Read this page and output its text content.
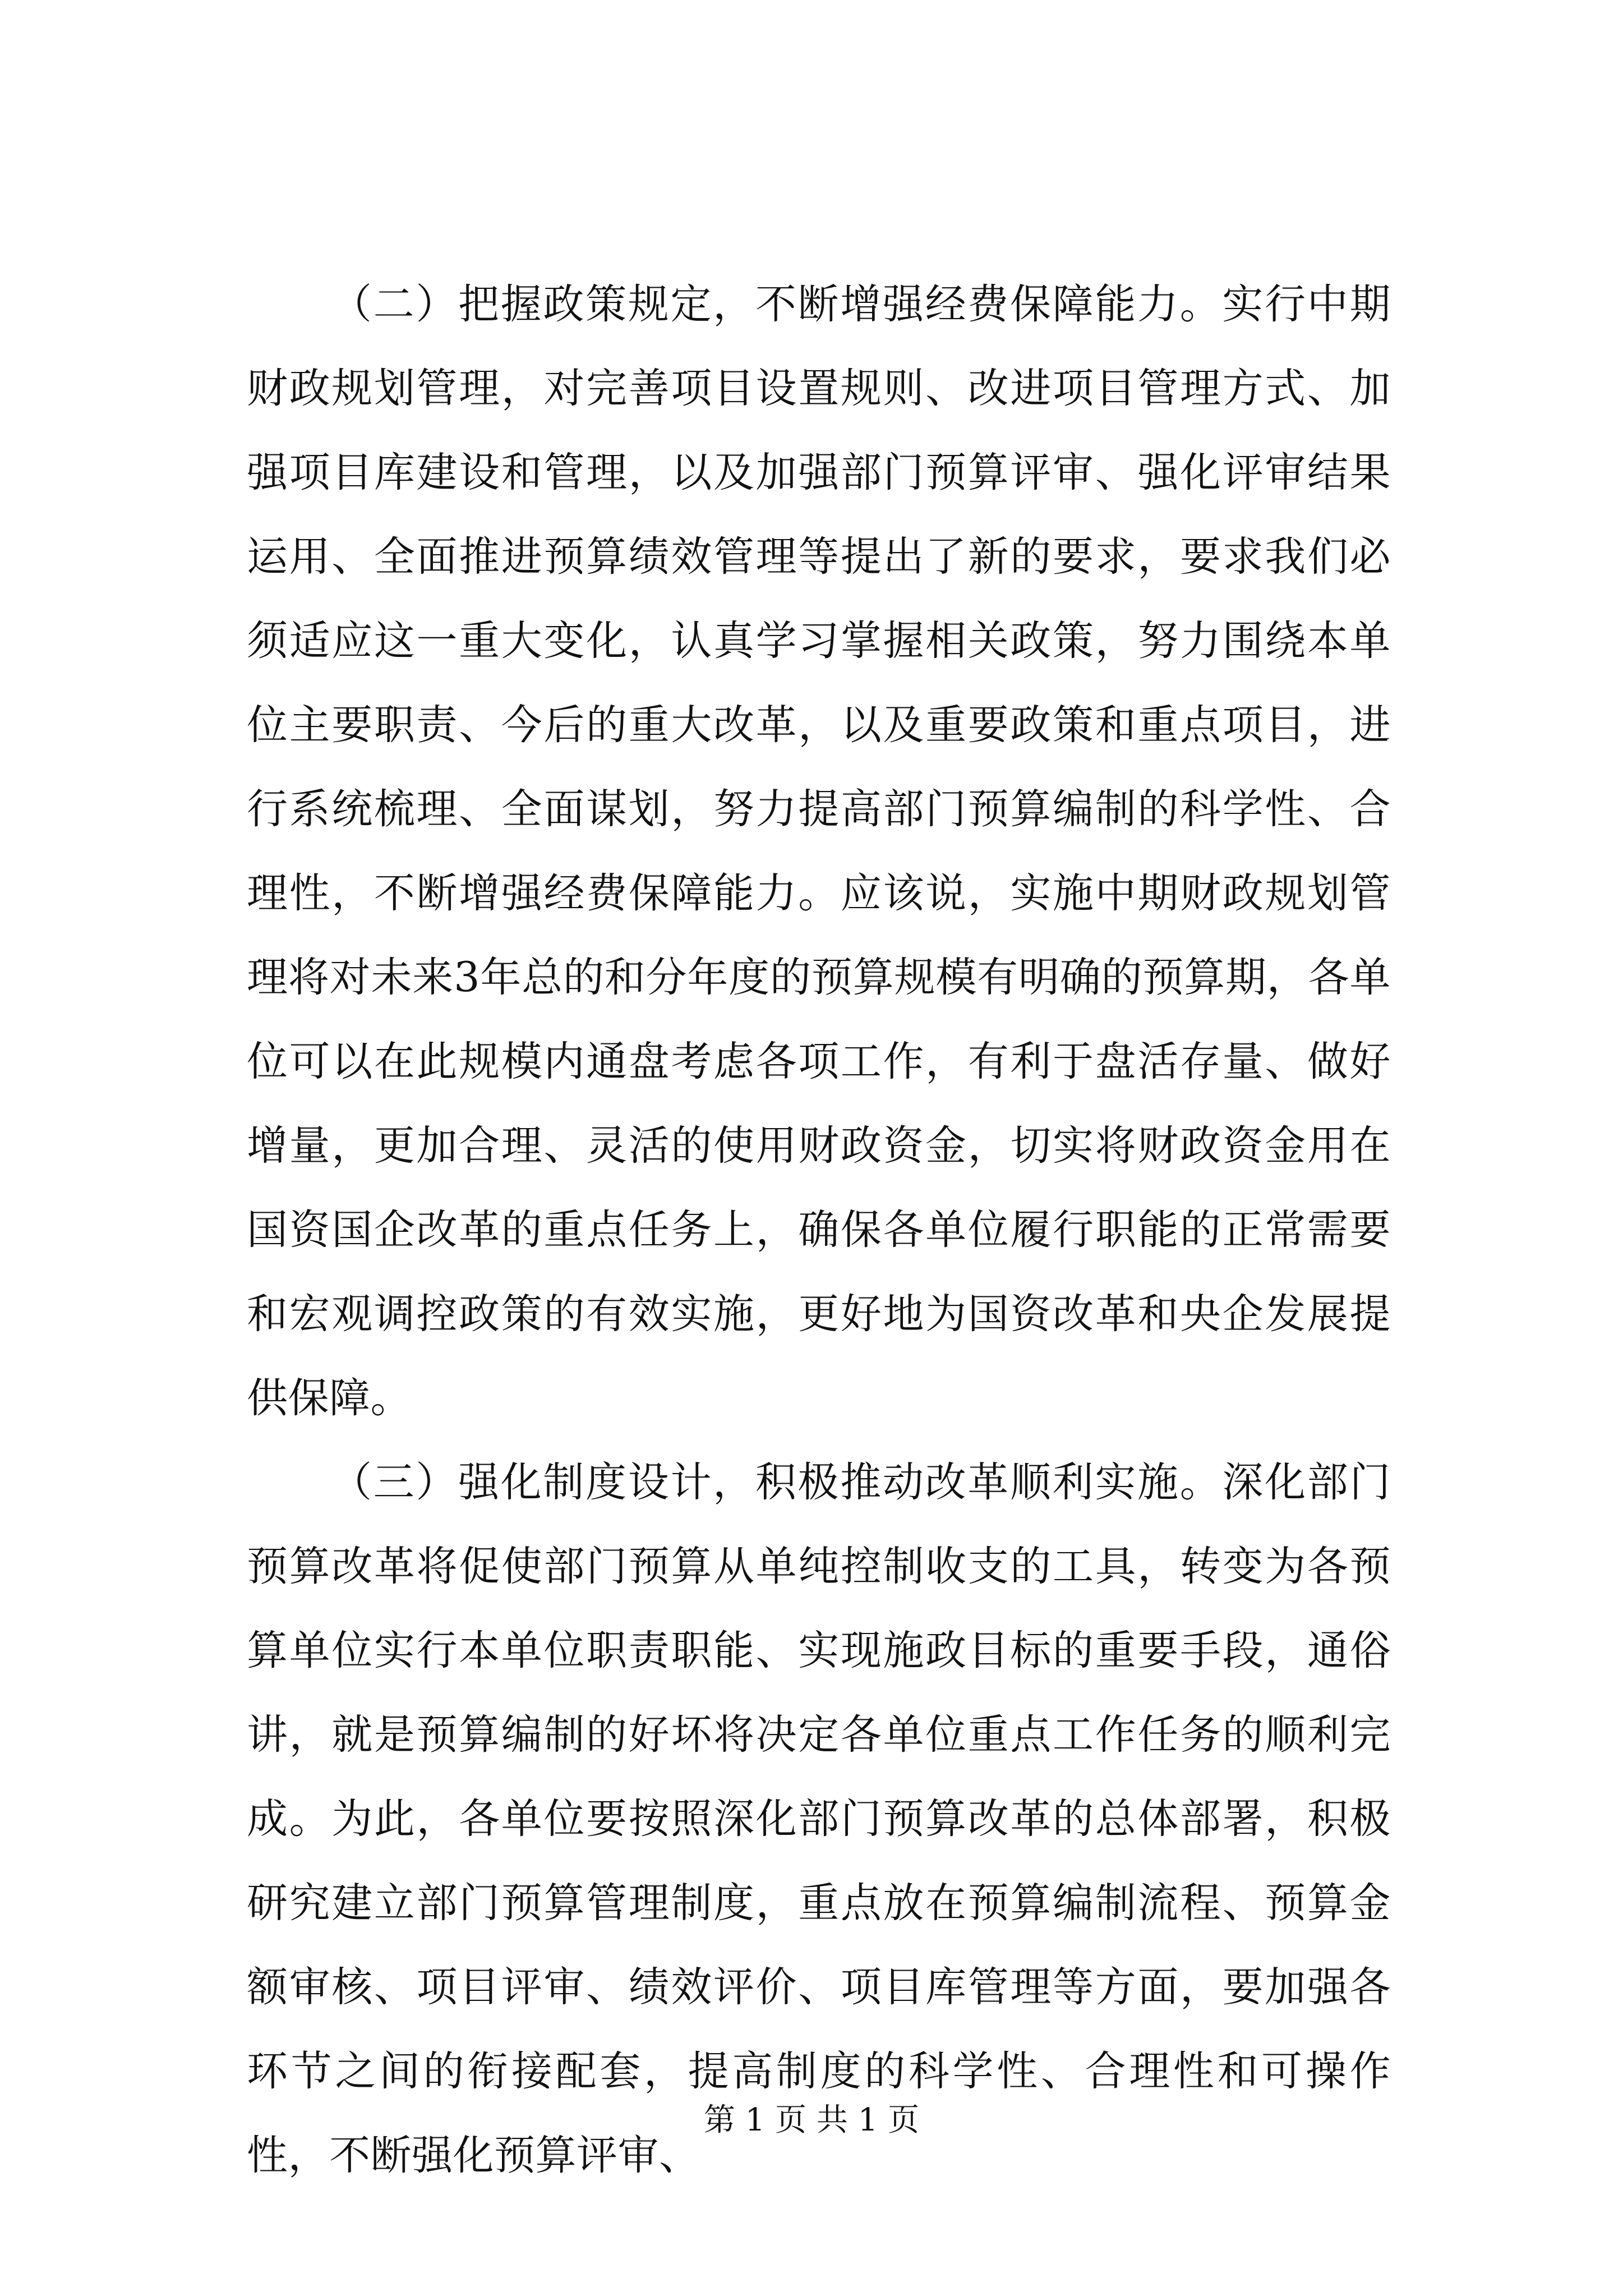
（二）把握政策规定，不断增强经费保障能力。实行中期财政规划管理，对完善项目设置规则、改进项目管理方式、加强项目库建设和管理，以及加强部门预算评审、强化评审结果运用、全面推进预算绩效管理等提出了新的要求，要求我们必须适应这一重大变化，认真学习掌握相关政策，努力围绕本单位主要职责、今后的重大改革，以及重要政策和重点项目，进行系统梳理、全面谋划，努力提高部门预算编制的科学性、合理性，不断增强经费保障能力。应该说，实施中期财政规划管理将对未来3年总的和分年度的预算规模有明确的预算期，各单位可以在此规模内通盘考虑各项工作，有利于盘活存量、做好增量，更加合理、灵活的使用财政资金，切实将财政资金用在国资国企改革的重点任务上，确保各单位履行职能的正常需要和宏观调控政策的有效实施，更好地为国资改革和央企发展提供保障。

（三）强化制度设计，积极推动改革顺利实施。深化部门预算改革将促使部门预算从单纯控制收支的工具，转变为各预算单位实行本单位职责职能、实现施政目标的重要手段，通俗讲，就是预算编制的好坏将决定各单位重点工作任务的顺利完成。为此，各单位要按照深化部门预算改革的总体部署，积极研究建立部门预算管理制度，重点放在预算编制流程、预算金额审核、项目评审、绩效评价、项目库管理等方面，要加强各环节之间的衔接配套，提高制度的科学性、合理性和可操作性，不断强化预算评审、

第 1 页 共 1 页
